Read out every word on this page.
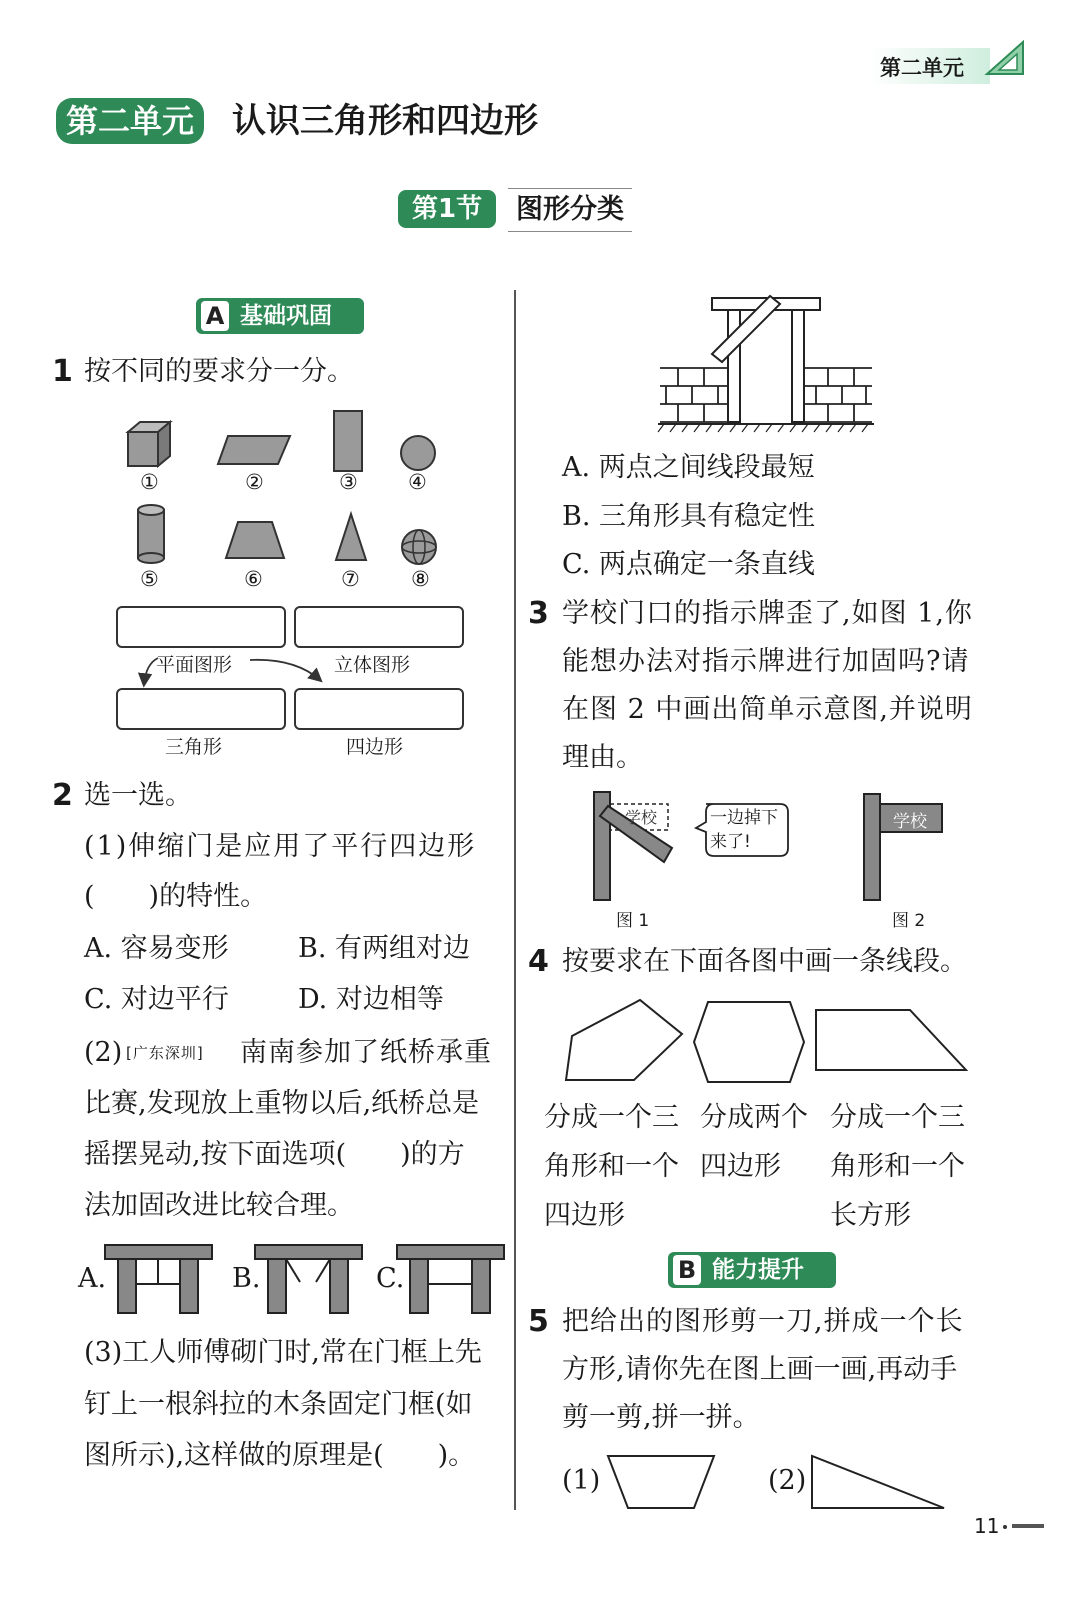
第二单元
第二单元 认识三角形和四边形
第1节	图形分类
A 基础巩固
1 按不同的要求分一分。
①	②	③ ④
⑤	⑥	⑦ ⑧
平面图形	立体图形
三角形	四边形
2 选一选。
(1)伸缩门是应用了平行四边形
(　　)的特性。
A. 容易变形	B. 有两组对边
C. 对边平行	D. 对边相等
(2) [广东深圳] 南南参加了纸桥承重
比赛,发现放上重物以后,纸桥总是
摇摆晃动,按下面选项(　　)的方
法加固改进比较合理。
A.	B.	C.
(3)工人师傅砌门时,常在门框上先
钉上一根斜拉的木条固定门框(如
图所示),这样做的原理是(　　)。
A. 两点之间线段最短
B. 三角形具有稳定性
C. 两点确定一条直线
3 学校门口的指示牌歪了,如图 1,你
能想办法对指示牌进行加固吗?请
在图 2 中画出简单示意图,并说明
理由。
学校
学校
一边掉下
来了!
图 1
学校
图 2
4 按要求在下面各图中画一条线段。
分成一个三
角形和一个
四边形
分成两个
四边形
分成一个三
角形和一个
长方形
B 能力提升
5 把给出的图形剪一刀,拼成一个长
方形,请你先在图上画一画,再动手
剪一剪,拼一拼。
(1)	(2)
11
